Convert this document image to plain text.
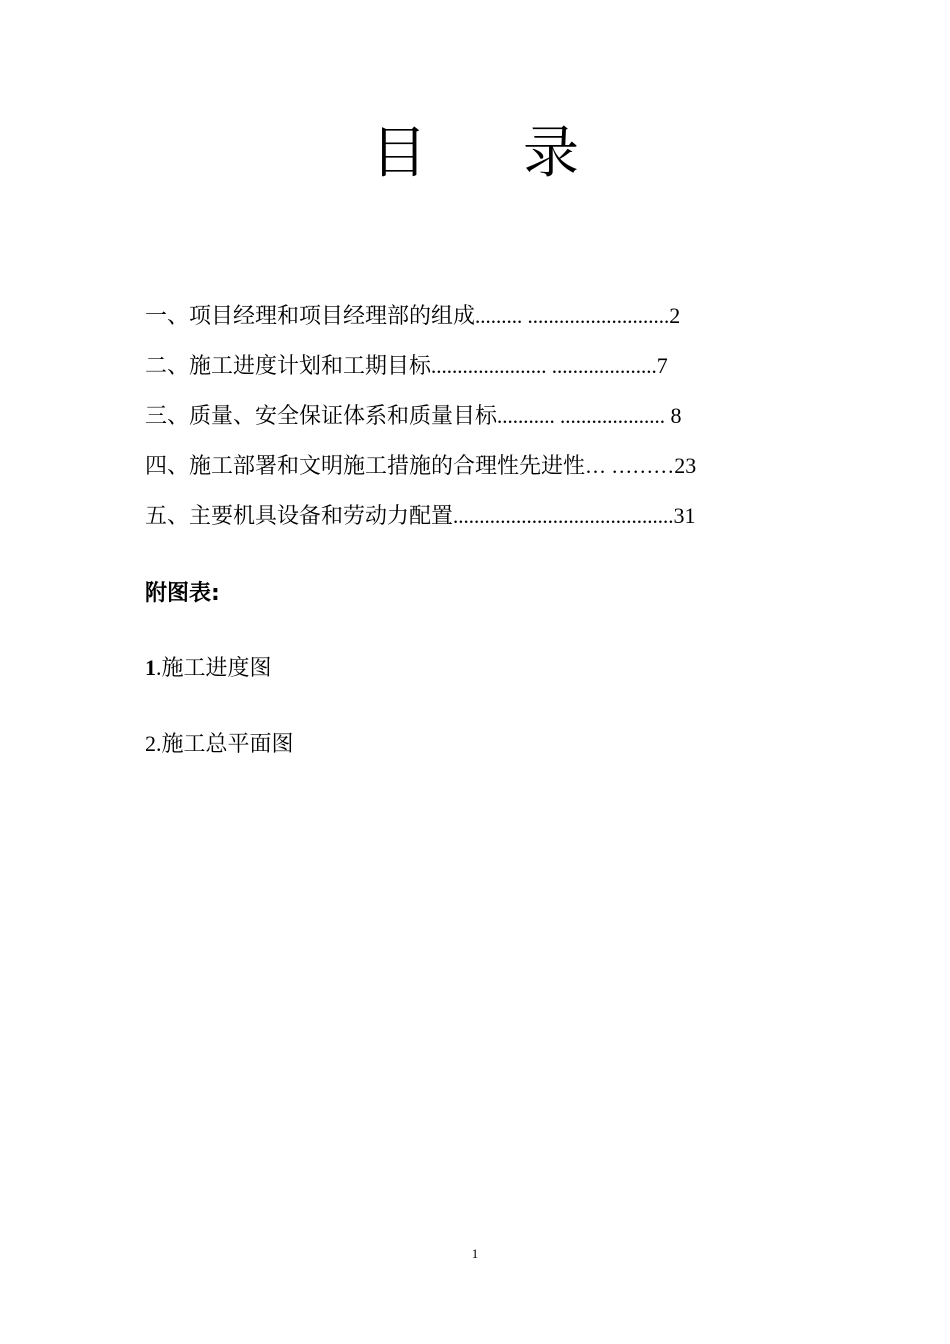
目 录
一、项目经理和项目经理部的组成......... ...........................2
二、施工进度计划和工期目标...................... ....................7
三、质量、安全保证体系和质量目标........... .................... 8
四、施工部署和文明施工措施的合理性先进性… ………23
五、主要机具设备和劳动力配置..........................................31
附图表:
1.施工进度图
2.施工总平面图
1
